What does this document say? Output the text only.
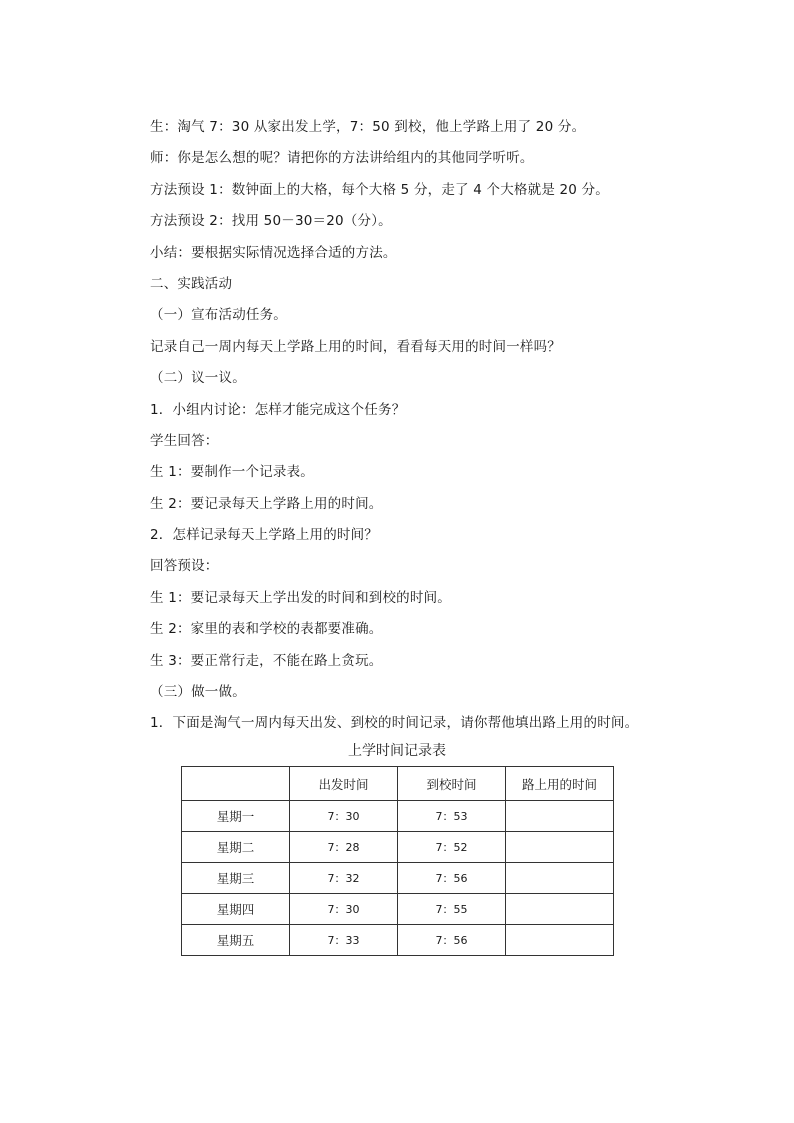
生：淘气 7：30 从家出发上学，7：50 到校，他上学路上用了 20 分。
师：你是怎么想的呢？请把你的方法讲给组内的其他同学听听。
方法预设 1：数钟面上的大格，每个大格 5 分，走了 4 个大格就是 20 分。
方法预设 2：找用 50－30＝20（分）。
小结：要根据实际情况选择合适的方法。
二、实践活动
（一）宣布活动任务。
记录自己一周内每天上学路上用的时间，看看每天用的时间一样吗？
（二）议一议。
1．小组内讨论：怎样才能完成这个任务？
学生回答：
生 1：要制作一个记录表。
生 2：要记录每天上学路上用的时间。
2．怎样记录每天上学路上用的时间？
回答预设：
生 1：要记录每天上学出发的时间和到校的时间。
生 2：家里的表和学校的表都要准确。
生 3：要正常行走，不能在路上贪玩。
（三）做一做。
1．下面是淘气一周内每天出发、到校的时间记录，请你帮他填出路上用的时间。
上学时间记录表
	出发时间	到校时间	路上用的时间
星期一	7：30	7：53	
星期二	7：28	7：52	
星期三	7：32	7：56	
星期四	7：30	7：55	
星期五	7：33	7：56	
